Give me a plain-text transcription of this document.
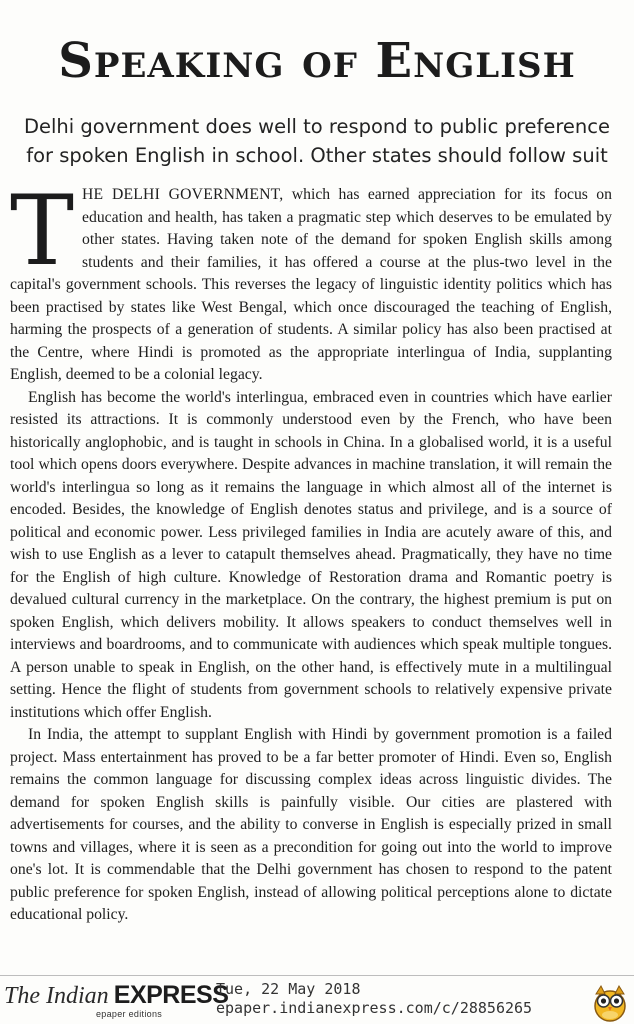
Speaking of English
Delhi government does well to respond to public preference
for spoken English in school. Other states should follow suit

THE DELHI GOVERNMENT, which has earned appreciation for its focus on education and health, has taken a pragmatic step which deserves to be emulated by other states. Having taken note of the demand for spoken English skills among students and their families, it has offered a course at the plus-two level in the capital's government schools. This reverses the legacy of linguistic identity politics which has been practised by states like West Bengal, which once discouraged the teaching of English, harming the prospects of a generation of students. A similar policy has also been practised at the Centre, where Hindi is promoted as the appropriate interlingua of India, supplanting English, deemed to be a colonial legacy.

English has become the world's interlingua, embraced even in countries which have earlier resisted its attractions. It is commonly understood even by the French, who have been historically anglophobic, and is taught in schools in China. In a globalised world, it is a useful tool which opens doors everywhere. Despite advances in machine translation, it will remain the world's interlingua so long as it remains the language in which almost all of the internet is encoded. Besides, the knowledge of English denotes status and privilege, and is a source of political and economic power. Less privileged families in India are acutely aware of this, and wish to use English as a lever to catapult themselves ahead. Pragmatically, they have no time for the English of high culture. Knowledge of Restoration drama and Romantic poetry is devalued cultural currency in the marketplace. On the contrary, the highest premium is put on spoken English, which delivers mobility. It allows speakers to conduct themselves well in interviews and boardrooms, and to communicate with audiences which speak multiple tongues. A person unable to speak in English, on the other hand, is effectively mute in a multilingual setting. Hence the flight of students from government schools to relatively expensive private institutions which offer English.

In India, the attempt to supplant English with Hindi by government promotion is a failed project. Mass entertainment has proved to be a far better promoter of Hindi. Even so, English remains the common language for discussing complex ideas across linguistic divides. The demand for spoken English skills is painfully visible. Our cities are plastered with advertisements for courses, and the ability to converse in English is especially prized in small towns and villages, where it is seen as a precondition for going out into the world to improve one's lot. It is commendable that the Delhi government has chosen to respond to the patent public preference for spoken English, instead of allowing political perceptions alone to dictate educational policy.

The Indian EXPRESS
epaper editions
Tue, 22 May 2018
epaper.indianexpress.com/c/28856265
